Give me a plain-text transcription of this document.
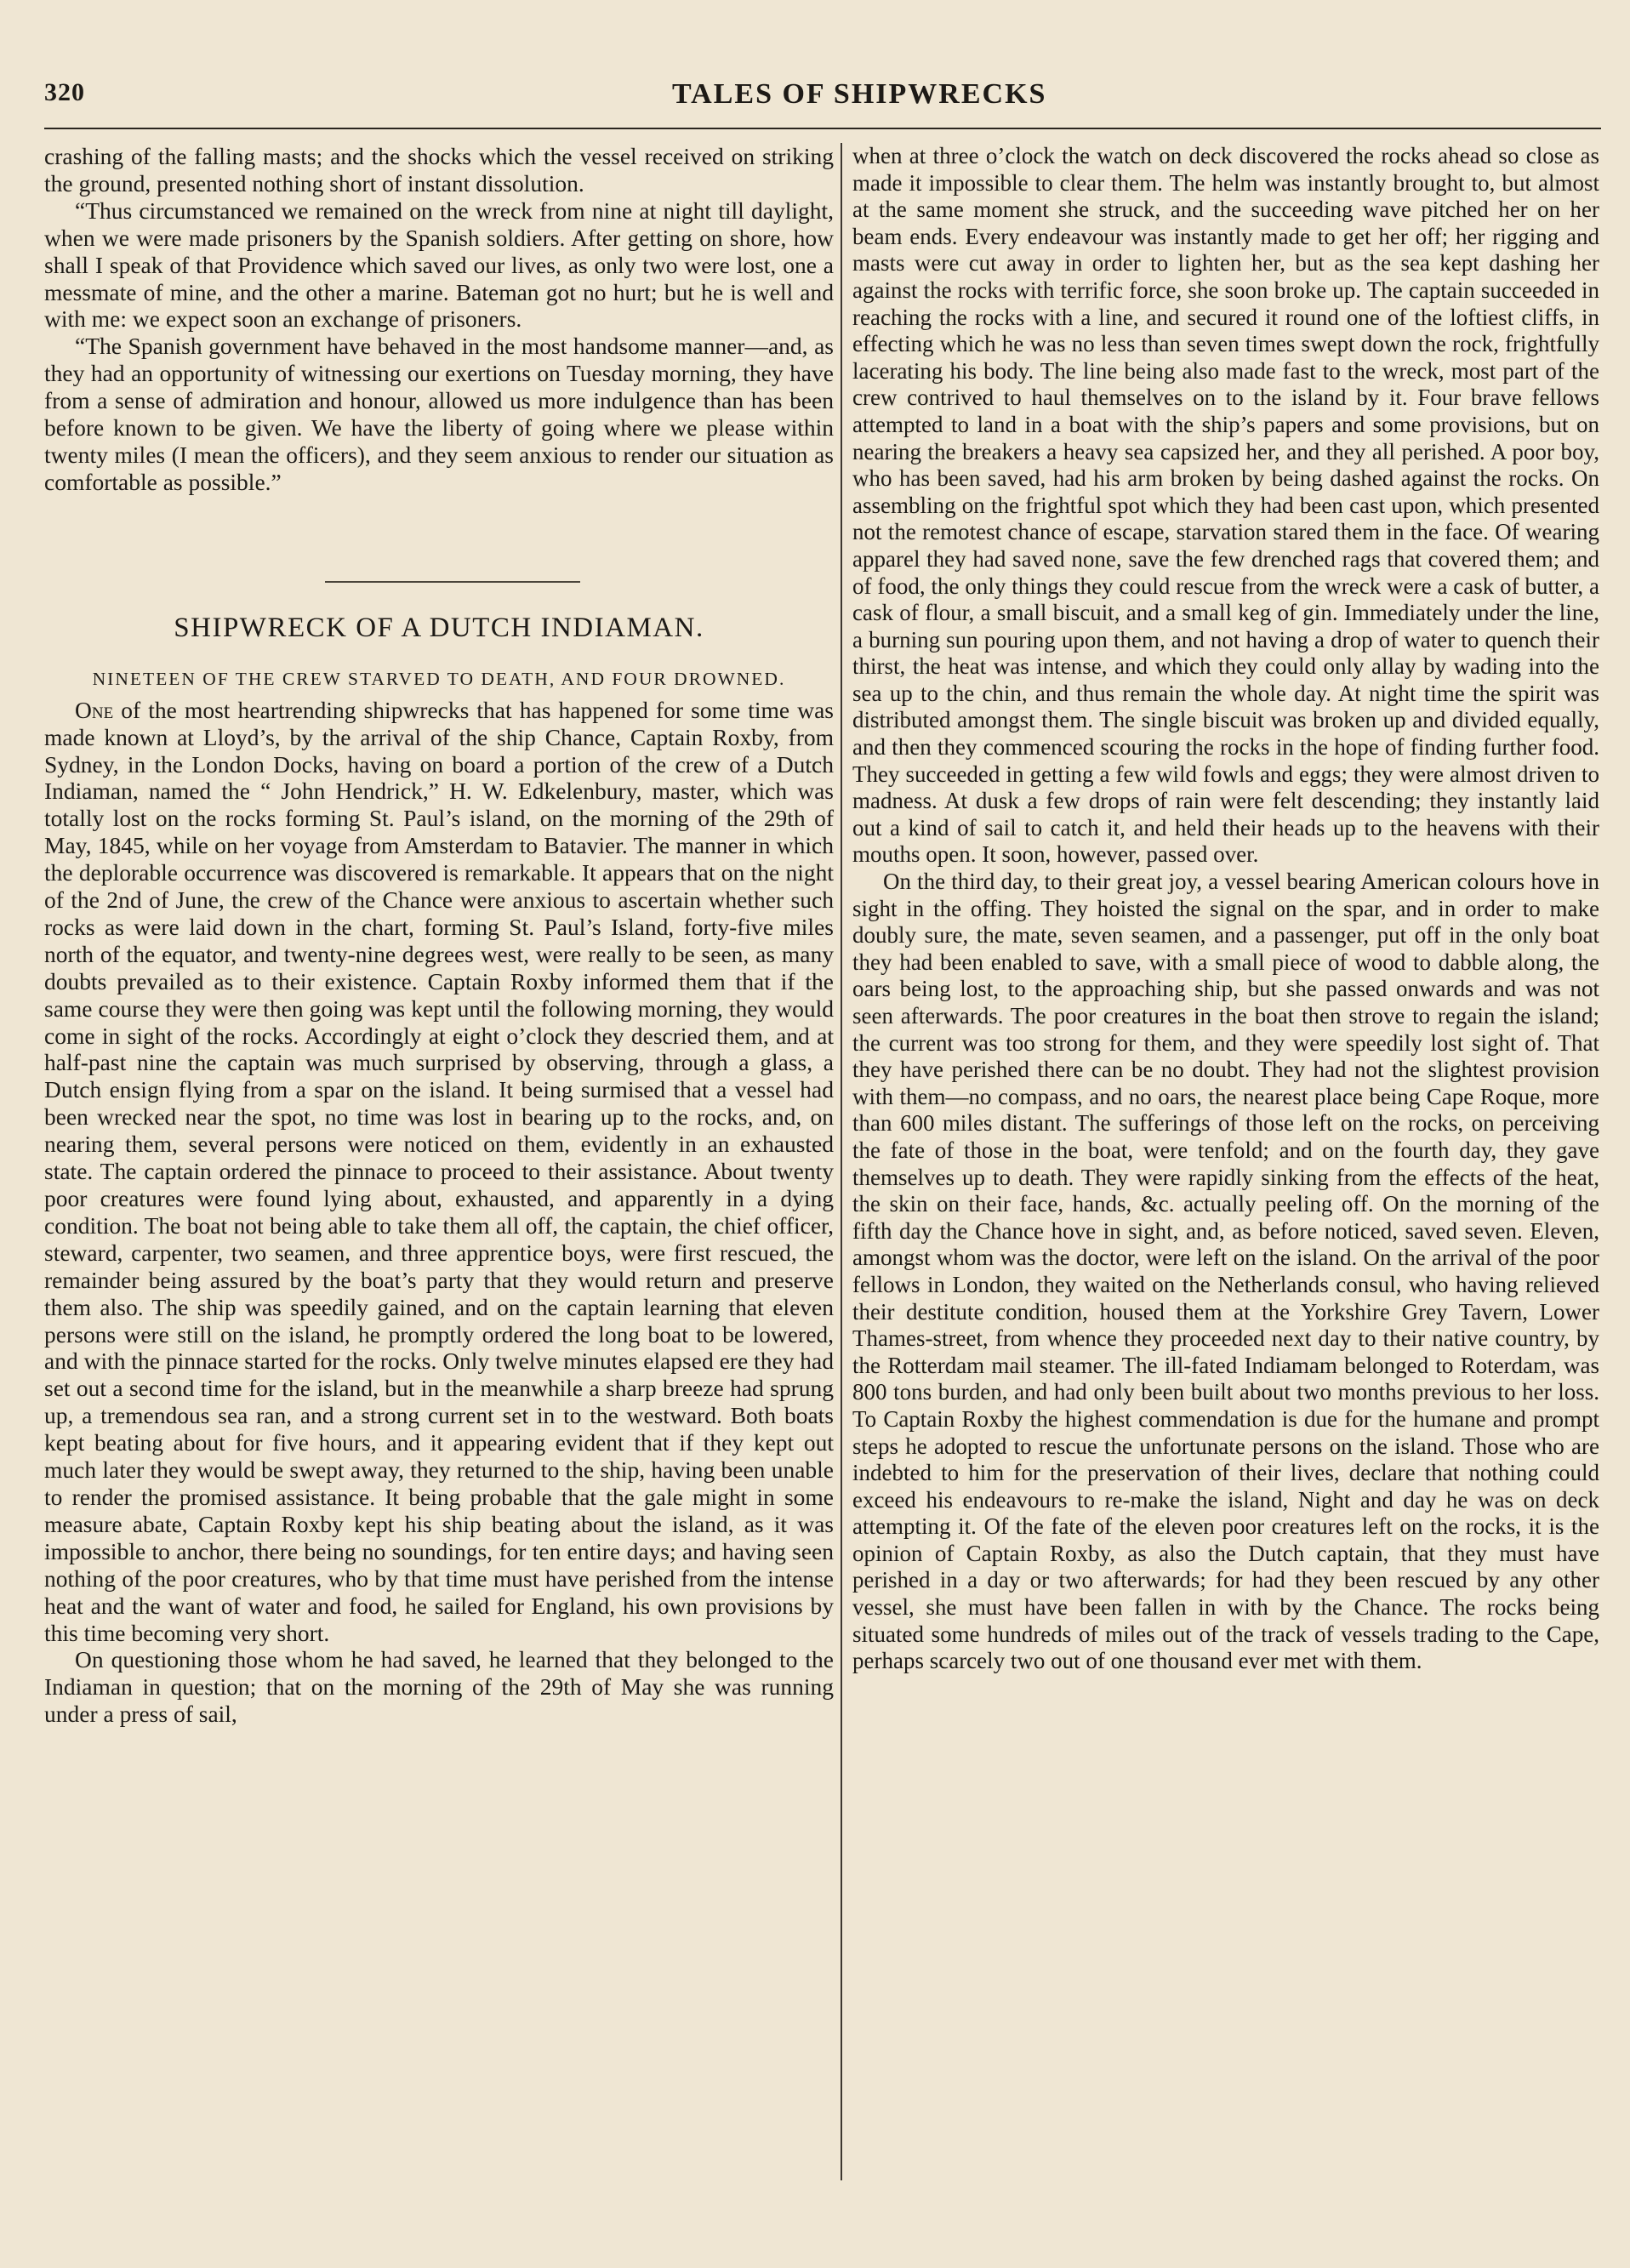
320	TALES OF SHIPWRECKS

crashing of the falling masts; and the shocks which the vessel received on striking the ground, presented nothing short of instant dissolution.

“Thus circumstanced we remained on the wreck from nine at night till daylight, when we were made prisoners by the Spanish soldiers. After getting on shore, how shall I speak of that Providence which saved our lives, as only two were lost, one a messmate of mine, and the other a marine. Bateman got no hurt; but he is well and with me: we expect soon an exchange of prisoners.

“The Spanish government have behaved in the most handsome manner—and, as they had an opportunity of witnessing our exertions on Tuesday morning, they have from a sense of admiration and honour, allowed us more indulgence than has been before known to be given. We have the liberty of going where we please within twenty miles (I mean the officers), and they seem anxious to render our situation as comfortable as possible.”

SHIPWRECK OF A DUTCH INDIAMAN.

NINETEEN OF THE CREW STARVED TO DEATH, AND FOUR DROWNED.

One of the most heartrending shipwrecks that has happened for some time was made known at Lloyd’s, by the arrival of the ship Chance, Captain Roxby, from Sydney, in the London Docks, having on board a portion of the crew of a Dutch Indiaman, named the “ John Hendrick,” H. W. Edkelenbury, master, which was totally lost on the rocks forming St. Paul’s island, on the morning of the 29th of May, 1845, while on her voyage from Amsterdam to Batavier. The manner in which the deplorable occurrence was discovered is remarkable. It appears that on the night of the 2nd of June, the crew of the Chance were anxious to ascertain whether such rocks as were laid down in the chart, forming St. Paul’s Island, forty-five miles north of the equator, and twenty-nine degrees west, were really to be seen, as many doubts prevailed as to their existence. Captain Roxby informed them that if the same course they were then going was kept until the following morning, they would come in sight of the rocks. Accordingly at eight o’clock they descried them, and at half-past nine the captain was much surprised by observing, through a glass, a Dutch ensign flying from a spar on the island. It being surmised that a vessel had been wrecked near the spot, no time was lost in bearing up to the rocks, and, on nearing them, several persons were noticed on them, evidently in an exhausted state. The captain ordered the pinnace to proceed to their assistance. About twenty poor creatures were found lying about, exhausted, and apparently in a dying condition. The boat not being able to take them all off, the captain, the chief officer, steward, carpenter, two seamen, and three apprentice boys, were first rescued, the remainder being assured by the boat’s party that they would return and preserve them also. The ship was speedily gained, and on the captain learning that eleven persons were still on the island, he promptly ordered the long boat to be lowered, and with the pinnace started for the rocks. Only twelve minutes elapsed ere they had set out a second time for the island, but in the meanwhile a sharp breeze had sprung up, a tremendous sea ran, and a strong current set in to the westward. Both boats kept beating about for five hours, and it appearing evident that if they kept out much later they would be swept away, they returned to the ship, having been unable to render the promised assistance. It being probable that the gale might in some measure abate, Captain Roxby kept his ship beating about the island, as it was impossible to anchor, there being no soundings, for ten entire days; and having seen nothing of the poor creatures, who by that time must have perished from the intense heat and the want of water and food, he sailed for England, his own provisions by this time becoming very short.

On questioning those whom he had saved, he learned that they belonged to the Indiaman in question; that on the morning of the 29th of May she was running under a press of sail,

when at three o’clock the watch on deck discovered the rocks ahead so close as made it impossible to clear them. The helm was instantly brought to, but almost at the same moment she struck, and the succeeding wave pitched her on her beam ends. Every endeavour was instantly made to get her off; her rigging and masts were cut away in order to lighten her, but as the sea kept dashing her against the rocks with terrific force, she soon broke up. The captain succeeded in reaching the rocks with a line, and secured it round one of the loftiest cliffs, in effecting which he was no less than seven times swept down the rock, frightfully lacerating his body. The line being also made fast to the wreck, most part of the crew contrived to haul themselves on to the island by it. Four brave fellows attempted to land in a boat with the ship’s papers and some provisions, but on nearing the breakers a heavy sea capsized her, and they all perished. A poor boy, who has been saved, had his arm broken by being dashed against the rocks. On assembling on the frightful spot which they had been cast upon, which presented not the remotest chance of escape, starvation stared them in the face. Of wearing apparel they had saved none, save the few drenched rags that covered them; and of food, the only things they could rescue from the wreck were a cask of butter, a cask of flour, a small biscuit, and a small keg of gin. Immediately under the line, a burning sun pouring upon them, and not having a drop of water to quench their thirst, the heat was intense, and which they could only allay by wading into the sea up to the chin, and thus remain the whole day. At night time the spirit was distributed amongst them. The single biscuit was broken up and divided equally, and then they commenced scouring the rocks in the hope of finding further food. They succeeded in getting a few wild fowls and eggs; they were almost driven to madness. At dusk a few drops of rain were felt descending; they instantly laid out a kind of sail to catch it, and held their heads up to the heavens with their mouths open. It soon, however, passed over.

On the third day, to their great joy, a vessel bearing American colours hove in sight in the offing. They hoisted the signal on the spar, and in order to make doubly sure, the mate, seven seamen, and a passenger, put off in the only boat they had been enabled to save, with a small piece of wood to dabble along, the oars being lost, to the approaching ship, but she passed onwards and was not seen afterwards. The poor creatures in the boat then strove to regain the island; the current was too strong for them, and they were speedily lost sight of. That they have perished there can be no doubt. They had not the slightest provision with them—no compass, and no oars, the nearest place being Cape Roque, more than 600 miles distant. The sufferings of those left on the rocks, on perceiving the fate of those in the boat, were tenfold; and on the fourth day, they gave themselves up to death. They were rapidly sinking from the effects of the heat, the skin on their face, hands, &c. actually peeling off. On the morning of the fifth day the Chance hove in sight, and, as before noticed, saved seven. Eleven, amongst whom was the doctor, were left on the island. On the arrival of the poor fellows in London, they waited on the Netherlands consul, who having relieved their destitute condition, housed them at the Yorkshire Grey Tavern, Lower Thames-street, from whence they proceeded next day to their native country, by the Rotterdam mail steamer. The ill-fated Indiamam belonged to Roterdam, was 800 tons burden, and had only been built about two months previous to her loss. To Captain Roxby the highest commendation is due for the humane and prompt steps he adopted to rescue the unfortunate persons on the island. Those who are indebted to him for the preservation of their lives, declare that nothing could exceed his endeavours to re-make the island, Night and day he was on deck attempting it. Of the fate of the eleven poor creatures left on the rocks, it is the opinion of Captain Roxby, as also the Dutch captain, that they must have perished in a day or two afterwards; for had they been rescued by any other vessel, she must have been fallen in with by the Chance. The rocks being situated some hundreds of miles out of the track of vessels trading to the Cape, perhaps scarcely two out of one thousand ever met with them.
